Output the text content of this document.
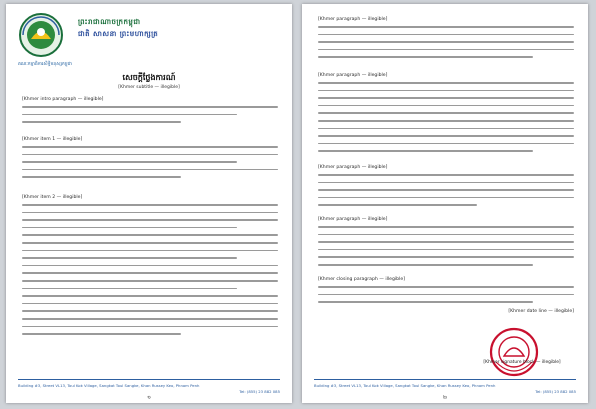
ព្រះរាជាណាចក្រកម្ពុជា
ជាតិ សាសនា ព្រះមហាក្សត្រ
គណៈកម្មាធិការសិទ្ធិមនុស្សកម្ពុជា
សេចក្តីថ្លែងការណ៍
[Khmer subtitle — illegible]
[Khmer intro paragraph — illegible]
[Khmer item 1 — illegible]
[Khmer item 2 — illegible]
Building #3, Street VL13, Toul Kok Village, Sangkat Toul Sangke, Khan Russey Keo, Phnom Penh
Tel: (855) 23 882 085
១
[Khmer paragraph — illegible]
[Khmer paragraph — illegible]
[Khmer paragraph — illegible]
[Khmer paragraph — illegible]
[Khmer closing paragraph — illegible]
[Khmer date line — illegible]
[Khmer signature block — illegible]
Building #3, Street VL13, Toul Kok Village, Sangkat Toul Sangke, Khan Russey Keo, Phnom Penh
Tel: (855) 23 882 085
២
